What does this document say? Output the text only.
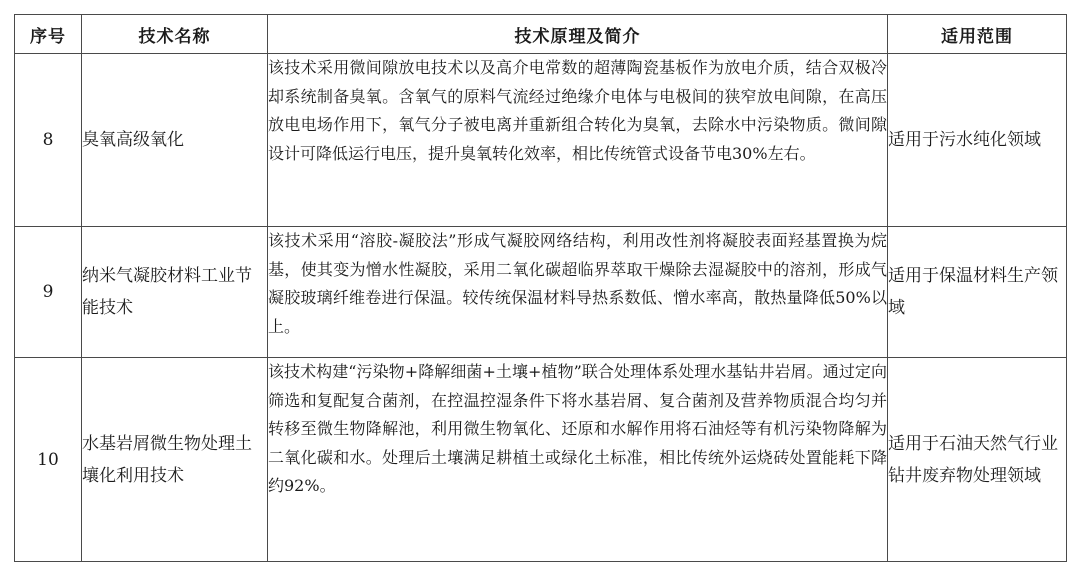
序号	技术名称	技术原理及简介	适用范围
8	臭氧高级氧化	该技术采用微间隙放电技术以及高介电常数的超薄陶瓷基板作为放电介质，结合双极冷却系统制备臭氧。含氧气的原料气流经过绝缘介电体与电极间的狭窄放电间隙，在高压放电电场作用下，氧气分子被电离并重新组合转化为臭氧，去除水中污染物质。微间隙设计可降低运行电压，提升臭氧转化效率，相比传统管式设备节电30%左右。	适用于污水纯化领域
9	纳米气凝胶材料工业节能技术	该技术采用“溶胶-凝胶法”形成气凝胶网络结构，利用改性剂将凝胶表面羟基置换为烷基，使其变为憎水性凝胶，采用二氧化碳超临界萃取干燥除去湿凝胶中的溶剂，形成气凝胶玻璃纤维卷进行保温。较传统保温材料导热系数低、憎水率高，散热量降低50%以上。	适用于保温材料生产领域
10	水基岩屑微生物处理土壤化利用技术	该技术构建“污染物+降解细菌+土壤+植物”联合处理体系处理水基钻井岩屑。通过定向筛选和复配复合菌剂，在控温控湿条件下将水基岩屑、复合菌剂及营养物质混合均匀并转移至微生物降解池，利用微生物氧化、还原和水解作用将石油烃等有机污染物降解为二氧化碳和水。处理后土壤满足耕植土或绿化土标准，相比传统外运烧砖处置能耗下降约92%。	适用于石油天然气行业钻井废弃物处理领域
